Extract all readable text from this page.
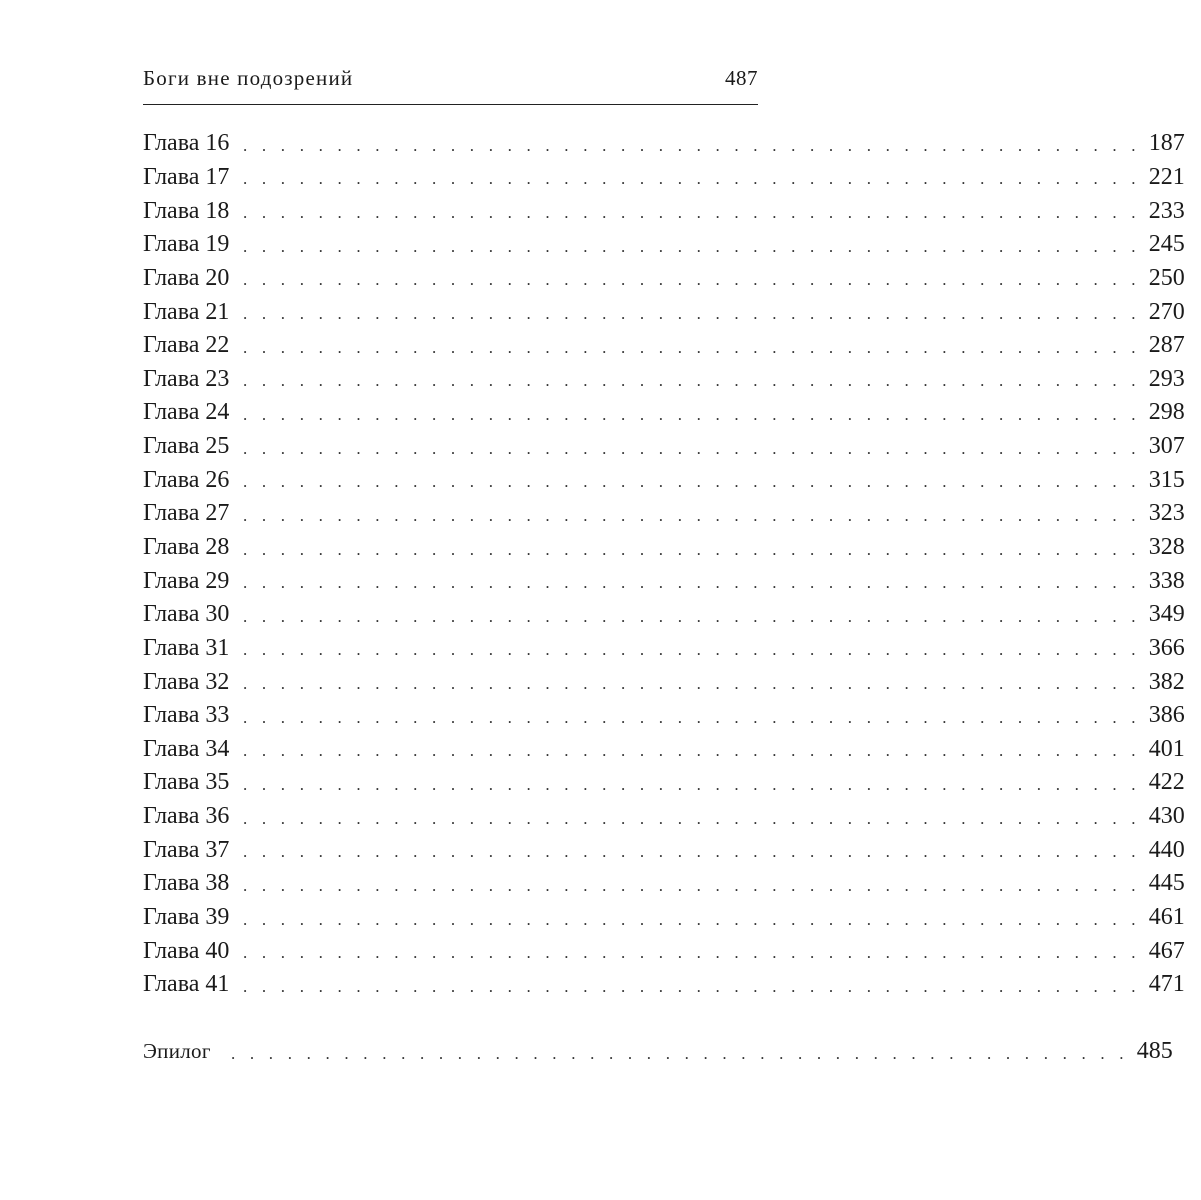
Боги вне подозрений	487
Глава 16 . . . . . . . . . . . . . . . . . . . . . . . . . . . . . . . . . . . . . . . . . . . . . . . . 187
Глава 17 . . . . . . . . . . . . . . . . . . . . . . . . . . . . . . . . . . . . . . . . . . . . . . . . 221
Глава 18 . . . . . . . . . . . . . . . . . . . . . . . . . . . . . . . . . . . . . . . . . . . . . . . . 233
Глава 19 . . . . . . . . . . . . . . . . . . . . . . . . . . . . . . . . . . . . . . . . . . . . . . . . 245
Глава 20 . . . . . . . . . . . . . . . . . . . . . . . . . . . . . . . . . . . . . . . . . . . . . . . . 250
Глава 21 . . . . . . . . . . . . . . . . . . . . . . . . . . . . . . . . . . . . . . . . . . . . . . . . 270
Глава 22 . . . . . . . . . . . . . . . . . . . . . . . . . . . . . . . . . . . . . . . . . . . . . . . . 287
Глава 23 . . . . . . . . . . . . . . . . . . . . . . . . . . . . . . . . . . . . . . . . . . . . . . . . 293
Глава 24 . . . . . . . . . . . . . . . . . . . . . . . . . . . . . . . . . . . . . . . . . . . . . . . . 298
Глава 25 . . . . . . . . . . . . . . . . . . . . . . . . . . . . . . . . . . . . . . . . . . . . . . . . 307
Глава 26 . . . . . . . . . . . . . . . . . . . . . . . . . . . . . . . . . . . . . . . . . . . . . . . . 315
Глава 27 . . . . . . . . . . . . . . . . . . . . . . . . . . . . . . . . . . . . . . . . . . . . . . . . 323
Глава 28 . . . . . . . . . . . . . . . . . . . . . . . . . . . . . . . . . . . . . . . . . . . . . . . . 328
Глава 29 . . . . . . . . . . . . . . . . . . . . . . . . . . . . . . . . . . . . . . . . . . . . . . . . 338
Глава 30 . . . . . . . . . . . . . . . . . . . . . . . . . . . . . . . . . . . . . . . . . . . . . . . . 349
Глава 31 . . . . . . . . . . . . . . . . . . . . . . . . . . . . . . . . . . . . . . . . . . . . . . . . 366
Глава 32 . . . . . . . . . . . . . . . . . . . . . . . . . . . . . . . . . . . . . . . . . . . . . . . . 382
Глава 33 . . . . . . . . . . . . . . . . . . . . . . . . . . . . . . . . . . . . . . . . . . . . . . . . 386
Глава 34 . . . . . . . . . . . . . . . . . . . . . . . . . . . . . . . . . . . . . . . . . . . . . . . . 401
Глава 35 . . . . . . . . . . . . . . . . . . . . . . . . . . . . . . . . . . . . . . . . . . . . . . . . 422
Глава 36 . . . . . . . . . . . . . . . . . . . . . . . . . . . . . . . . . . . . . . . . . . . . . . . . 430
Глава 37 . . . . . . . . . . . . . . . . . . . . . . . . . . . . . . . . . . . . . . . . . . . . . . . . 440
Глава 38 . . . . . . . . . . . . . . . . . . . . . . . . . . . . . . . . . . . . . . . . . . . . . . . . 445
Глава 39 . . . . . . . . . . . . . . . . . . . . . . . . . . . . . . . . . . . . . . . . . . . . . . . . 461
Глава 40 . . . . . . . . . . . . . . . . . . . . . . . . . . . . . . . . . . . . . . . . . . . . . . . . 467
Глава 41 . . . . . . . . . . . . . . . . . . . . . . . . . . . . . . . . . . . . . . . . . . . . . . . . 471
Эпилог	. . . . . . . . . . . . . . . . . . . . . . . . . . . . . . . . . . . . . . . . . . . . . . . . 485
